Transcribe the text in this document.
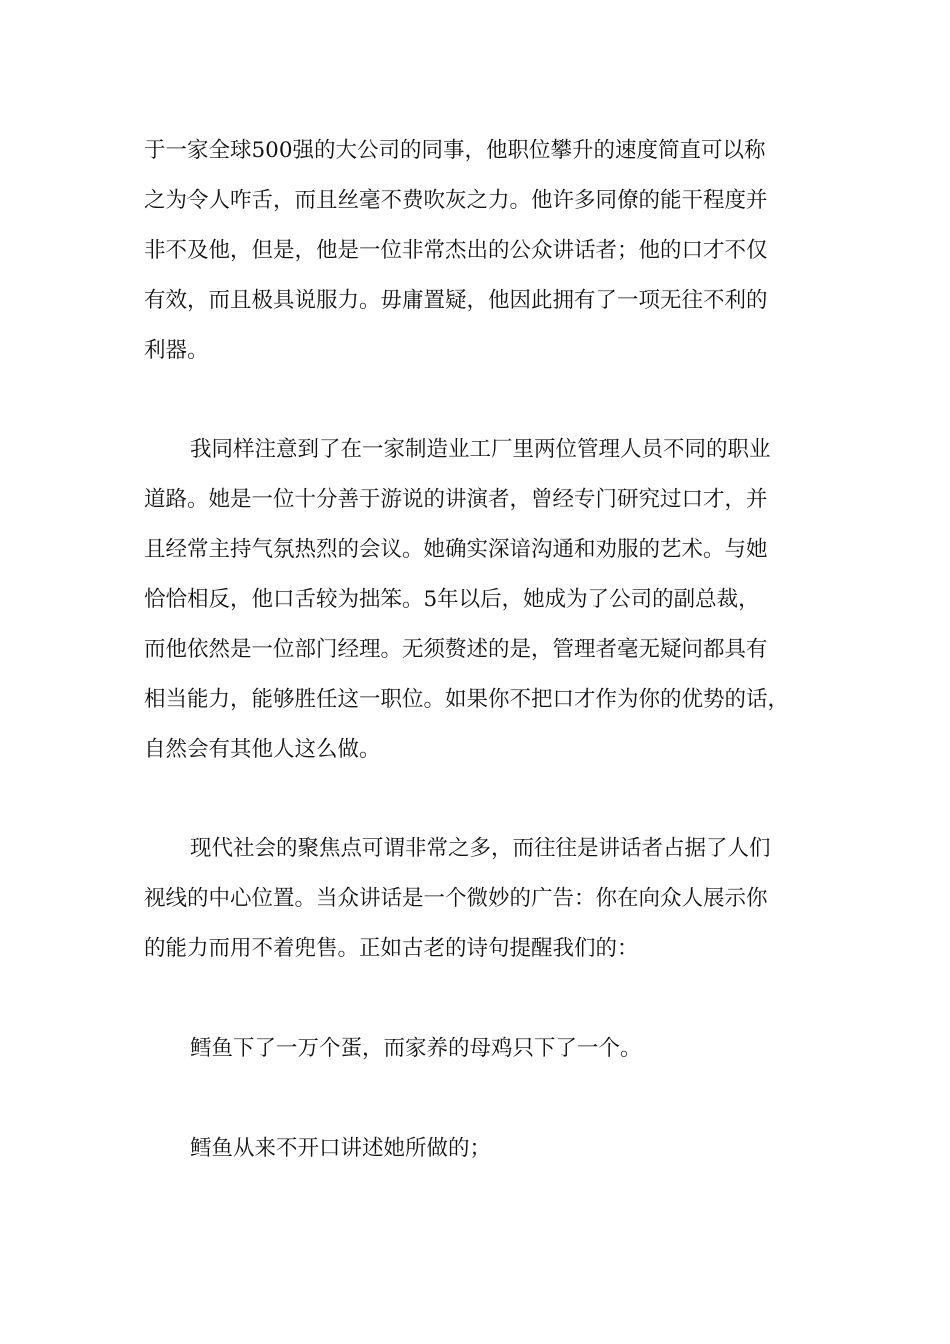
于一家全球500强的大公司的同事，他职位攀升的速度简直可以称
之为令人咋舌，而且丝毫不费吹灰之力。他许多同僚的能干程度并
非不及他，但是，他是一位非常杰出的公众讲话者；他的口才不仅
有效，而且极具说服力。毋庸置疑，他因此拥有了一项无往不利的
利器。
我同样注意到了在一家制造业工厂里两位管理人员不同的职业
道路。她是一位十分善于游说的讲演者，曾经专门研究过口才，并
且经常主持气氛热烈的会议。她确实深谙沟通和劝服的艺术。与她
恰恰相反，他口舌较为拙笨。5年以后，她成为了公司的副总裁，
而他依然是一位部门经理。无须赘述的是，管理者毫无疑问都具有
相当能力，能够胜任这一职位。如果你不把口才作为你的优势的话，
自然会有其他人这么做。
现代社会的聚焦点可谓非常之多，而往往是讲话者占据了人们
视线的中心位置。当众讲话是一个微妙的广告：你在向众人展示你
的能力而用不着兜售。正如古老的诗句提醒我们的：
鳕鱼下了一万个蛋，而家养的母鸡只下了一个。
鳕鱼从来不开口讲述她所做的；
